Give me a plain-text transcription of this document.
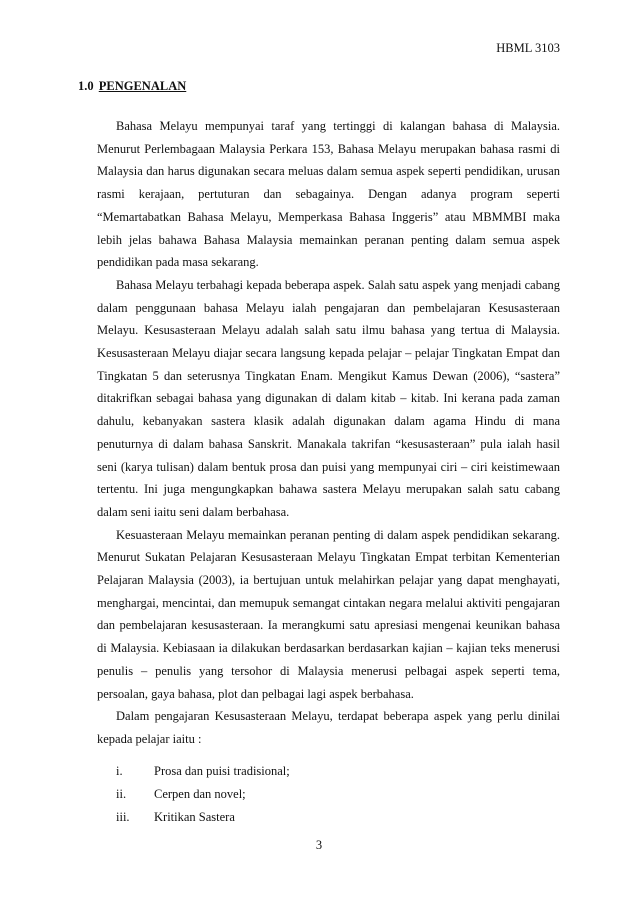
HBML 3103
1.0 PENGENALAN

Bahasa Melayu mempunyai taraf yang tertinggi di kalangan bahasa di Malaysia. Menurut Perlembagaan Malaysia Perkara 153, Bahasa Melayu merupakan bahasa rasmi di Malaysia dan harus digunakan secara meluas dalam semua aspek seperti pendidikan, urusan rasmi kerajaan, pertuturan dan sebagainya. Dengan adanya program seperti “Memartabatkan Bahasa Melayu, Memperkasa Bahasa Inggeris” atau MBMMBI maka lebih jelas bahawa Bahasa Malaysia memainkan peranan penting dalam semua aspek pendidikan pada masa sekarang.

Bahasa Melayu terbahagi kepada beberapa aspek. Salah satu aspek yang menjadi cabang dalam penggunaan bahasa Melayu ialah pengajaran dan pembelajaran Kesusasteraan Melayu. Kesusasteraan Melayu adalah salah satu ilmu bahasa yang tertua di Malaysia. Kesusasteraan Melayu diajar secara langsung kepada pelajar – pelajar Tingkatan Empat dan Tingkatan 5 dan seterusnya Tingkatan Enam. Mengikut Kamus Dewan (2006), “sastera” ditakrifkan sebagai bahasa yang digunakan di dalam kitab – kitab. Ini kerana pada zaman dahulu, kebanyakan sastera klasik adalah digunakan dalam agama Hindu di mana penuturnya di dalam bahasa Sanskrit. Manakala takrifan “kesusasteraan” pula ialah hasil seni (karya tulisan) dalam bentuk prosa dan puisi yang mempunyai ciri – ciri keistimewaan tertentu. Ini juga mengungkapkan bahawa sastera Melayu merupakan salah satu cabang dalam seni iaitu seni dalam berbahasa.

Kesuasteraan Melayu memainkan peranan penting di dalam aspek pendidikan sekarang. Menurut Sukatan Pelajaran Kesusasteraan Melayu Tingkatan Empat terbitan Kementerian Pelajaran Malaysia (2003), ia bertujuan untuk melahirkan pelajar yang dapat menghayati, menghargai, mencintai, dan memupuk semangat cintakan negara melalui aktiviti pengajaran dan pembelajaran kesusasteraan. Ia merangkumi satu apresiasi mengenai keunikan bahasa di Malaysia. Kebiasaan ia dilakukan berdasarkan berdasarkan kajian – kajian teks menerusi penulis – penulis yang tersohor di Malaysia menerusi pelbagai aspek seperti tema, persoalan, gaya bahasa, plot dan pelbagai lagi aspek berbahasa.

Dalam pengajaran Kesusasteraan Melayu, terdapat beberapa aspek yang perlu dinilai kepada pelajar iaitu :

i.	Prosa dan puisi tradisional;
ii. Cerpen dan novel;
iii. Kritikan Sastera
3
